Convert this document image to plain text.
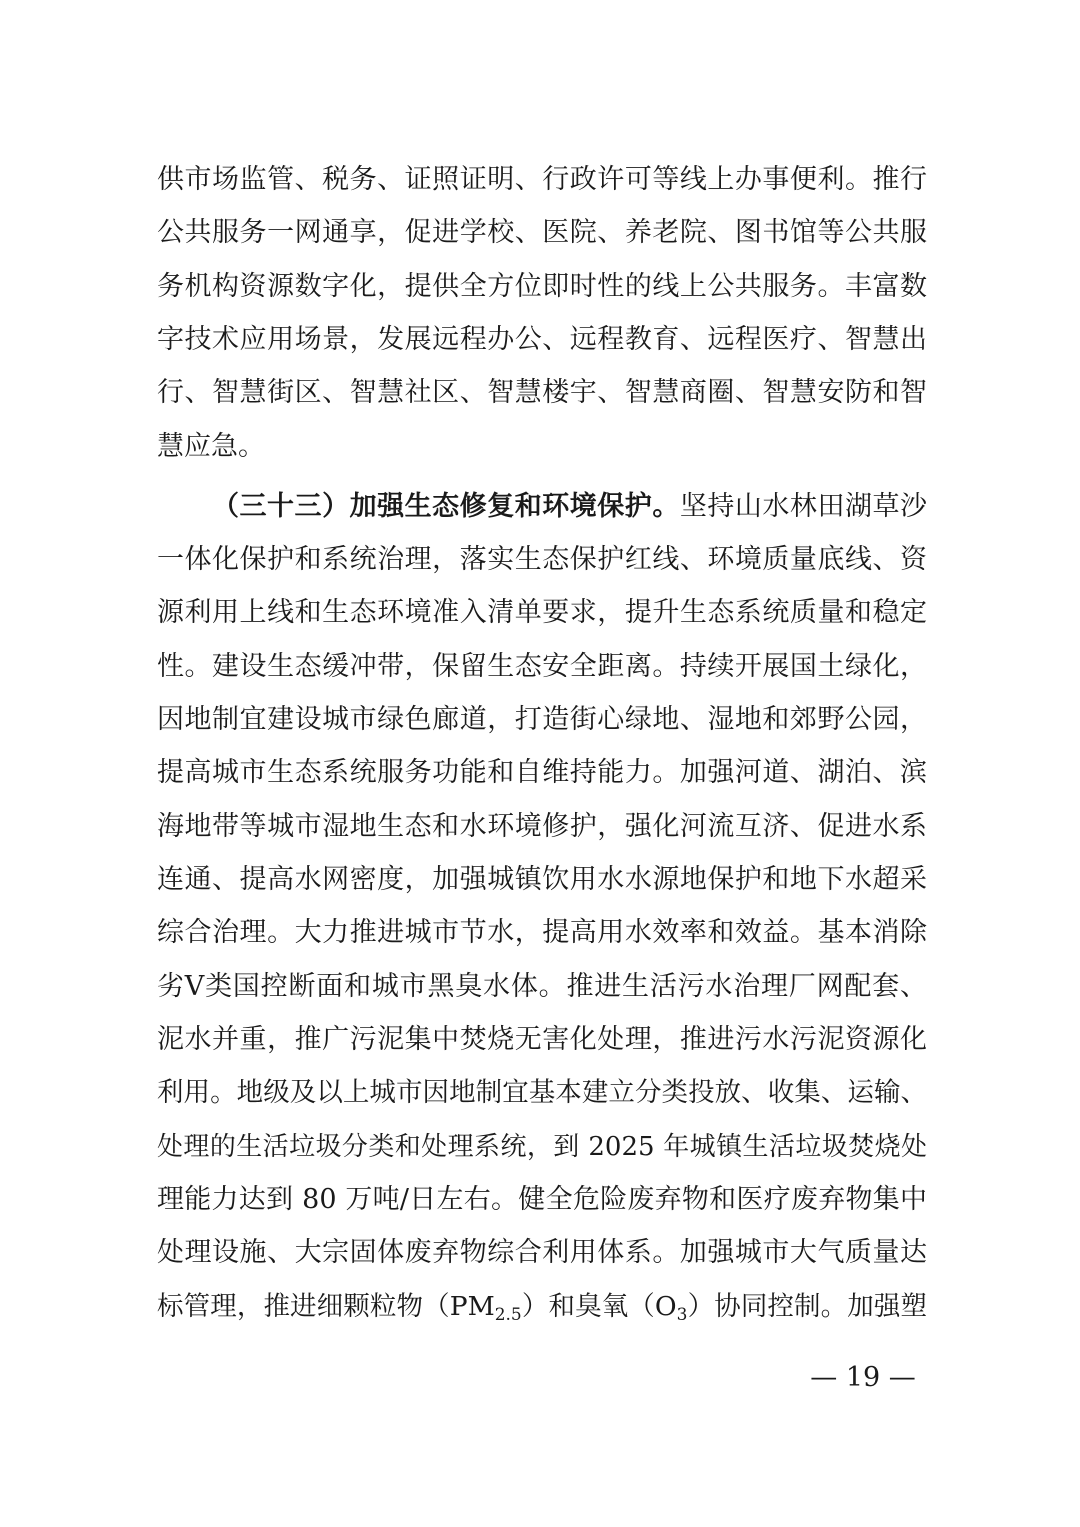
供市场监管、税务、证照证明、行政许可等线上办事便利。推行
公共服务一网通享，促进学校、医院、养老院、图书馆等公共服
务机构资源数字化，提供全方位即时性的线上公共服务。丰富数
字技术应用场景，发展远程办公、远程教育、远程医疗、智慧出
行、智慧街区、智慧社区、智慧楼宇、智慧商圈、智慧安防和智
慧应急。
（三十三）加强生态修复和环境保护。坚持山水林田湖草沙
一体化保护和系统治理，落实生态保护红线、环境质量底线、资
源利用上线和生态环境准入清单要求，提升生态系统质量和稳定
性。建设生态缓冲带，保留生态安全距离。持续开展国土绿化，
因地制宜建设城市绿色廊道，打造街心绿地、湿地和郊野公园，
提高城市生态系统服务功能和自维持能力。加强河道、湖泊、滨
海地带等城市湿地生态和水环境修护，强化河流互济、促进水系
连通、提高水网密度，加强城镇饮用水水源地保护和地下水超采
综合治理。大力推进城市节水，提高用水效率和效益。基本消除
劣Ⅴ类国控断面和城市黑臭水体。推进生活污水治理厂网配套、
泥水并重，推广污泥集中焚烧无害化处理，推进污水污泥资源化
利用。地级及以上城市因地制宜基本建立分类投放、收集、运输、
处理的生活垃圾分类和处理系统，到 2025 年城镇生活垃圾焚烧处
理能力达到 80 万吨/日左右。健全危险废弃物和医疗废弃物集中
处理设施、大宗固体废弃物综合利用体系。加强城市大气质量达
标管理，推进细颗粒物$(PM_{2.5})$和臭氧$(O_3)$协同控制。加强塑
— 19 —
